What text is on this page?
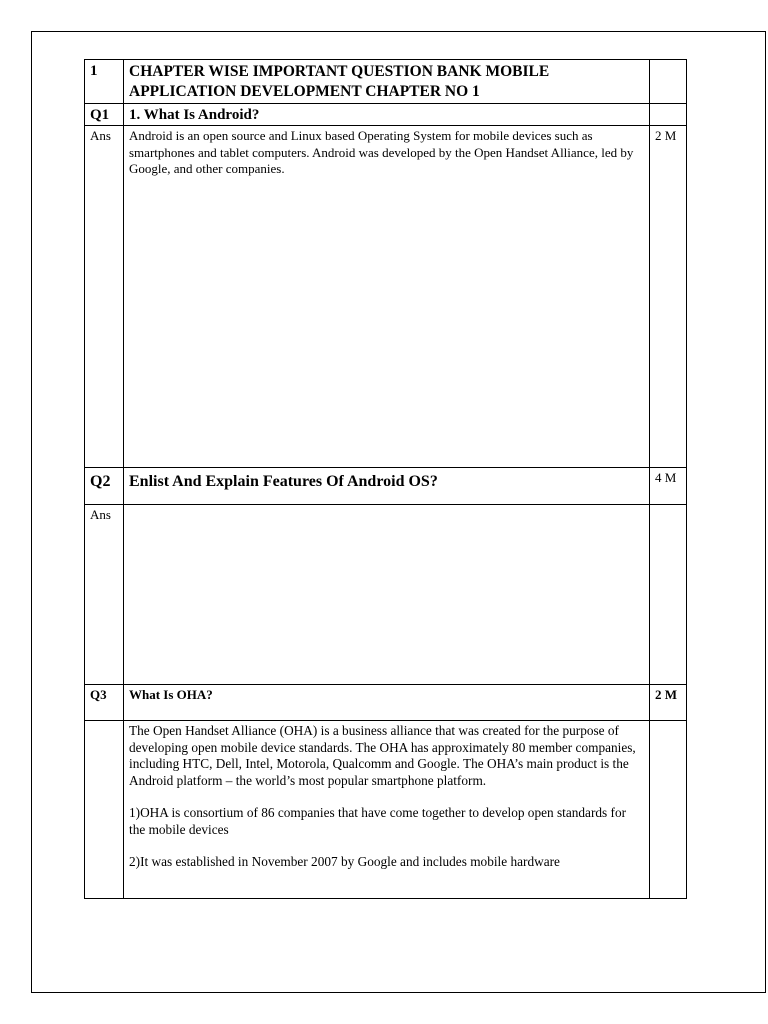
1	CHAPTER WISE IMPORTANT QUESTION BANK MOBILE APPLICATION DEVELOPMENT CHAPTER NO 1	
Q1	1. What Is Android?	
Ans	Android is an open source and Linux based Operating System for mobile devices such as smartphones and tablet computers. Android was developed by the Open Handset Alliance, led by Google, and other companies.	2 M
Q2	Enlist And Explain Features Of Android OS?	4 M
Ans		
Q3	What Is OHA?	2 M

	The Open Handset Alliance (OHA) is a business alliance that was created for the purpose of developing open mobile device standards. The OHA has approximately 80 member companies, including HTC, Dell, Intel, Motorola, Qualcomm and Google. The OHA’s main product is the Android platform – the world’s most popular smartphone platform.

1)OHA is consortium of 86 companies that have come together to develop open standards for the mobile devices

2)It was established in November 2007 by Google and includes mobile hardware	
